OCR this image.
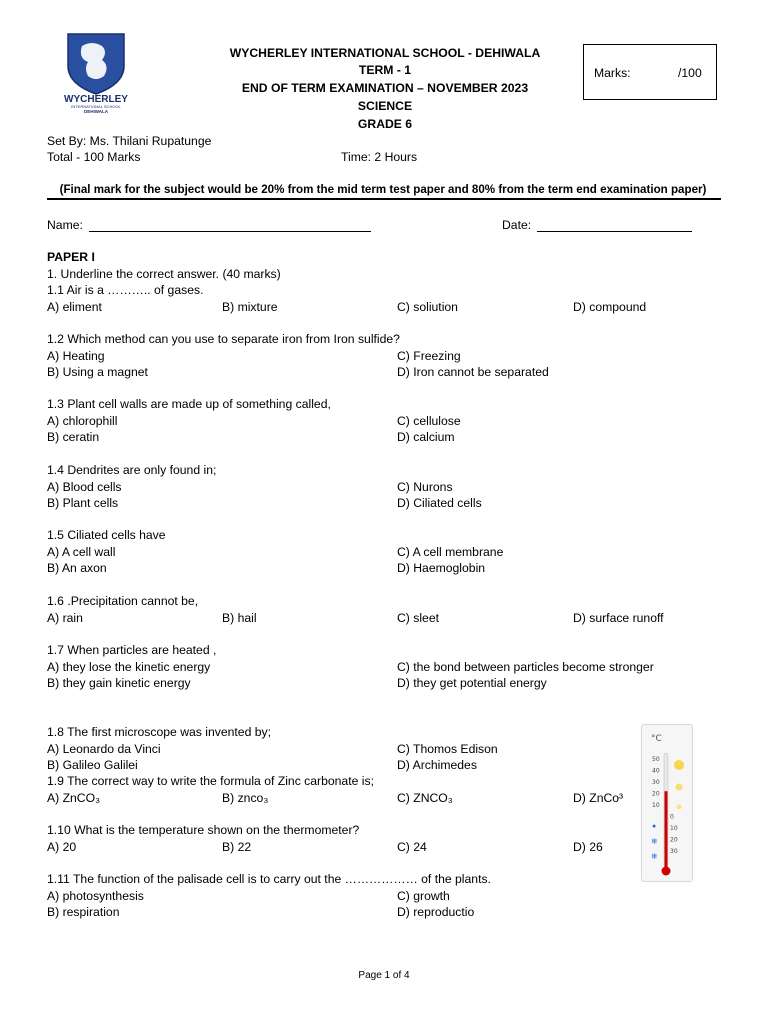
WYCHERLEY
INTERNATIONAL SCHOOL
DEHIWALA
WYCHERLEY INTERNATIONAL SCHOOL - DEHIWALA
TERM - 1
END OF TERM EXAMINATION – NOVEMBER 2023
SCIENCE
GRADE 6
Marks:	/100
Set By: Ms. Thilani Rupatunge
Total - 100 Marks	Time: 2 Hours
(Final mark for the subject would be 20% from the mid term test paper and 80% from the term end examination paper)
Name:	Date:
PAPER I
1. Underline the correct answer. (40 marks)
1.1 Air is a ……….. of gases.
A) eliment	B) mixture	C) soliution	D) compound
1.2 Which method can you use to separate iron from Iron sulfide?
A) Heating	C) Freezing
B) Using a magnet	D) Iron cannot be separated
1.3 Plant cell walls are made up of something called,
A) chlorophill	C) cellulose
B) ceratin	D) calcium
1.4 Dendrites are only found in;
A) Blood cells	C) Nurons
B) Plant cells	D) Ciliated cells
1.5 Ciliated cells have
A) A cell wall	C) A cell membrane
B) An axon	D) Haemoglobin
1.6 .Precipitation cannot be,
A) rain	B) hail	C) sleet	D) surface runoff
1.7 When particles are heated ,
A) they lose the kinetic energy	C) the bond between particles become stronger
B) they gain kinetic energy	D) they get potential energy
1.8 The first microscope was invented by;
A) Leonardo da Vinci	C) Thomos Edison
B) Galileo Galilei	D) Archimedes
1.9 The correct way to write the formula of Zinc carbonate is;
A) ZnCO₃	B) znco₃	C) ZNCO₃	D) ZnCo³
1.10 What is the temperature shown on the thermometer?
A) 20	B) 22	C) 24	D) 26
1.11 The function of the palisade cell is to carry out the ……………… of the plants.
A) photosynthesis	C) growth
B) respiration	D) reproductio
°C
50
40
30
20
10
0
10
20
30
●
❄
❄
Page 1 of 4
